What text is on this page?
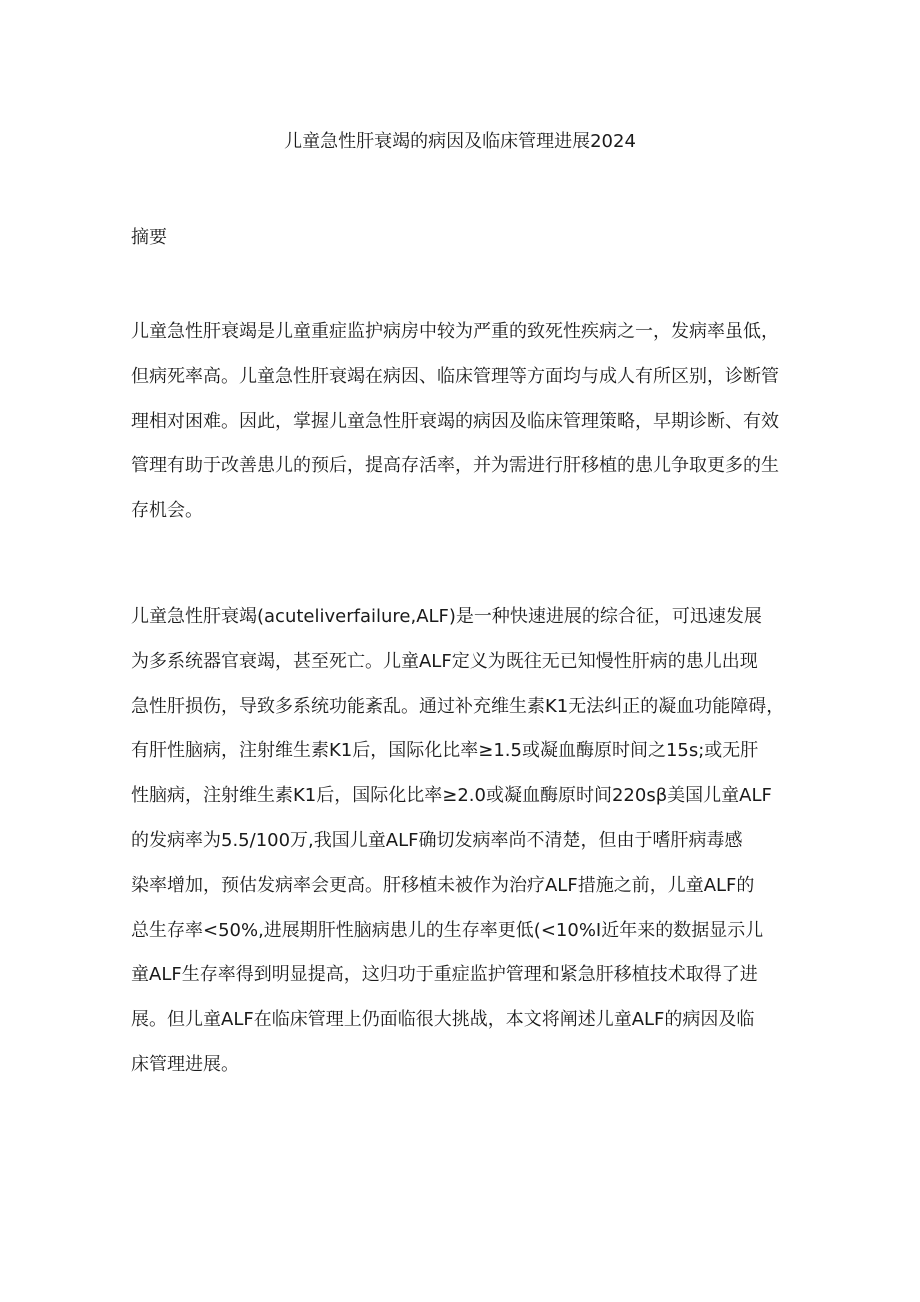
儿童急性肝衰竭的病因及临床管理进展2024
摘要
儿童急性肝衰竭是儿童重症监护病房中较为严重的致死性疾病之一，发病率虽低，
但病死率高。儿童急性肝衰竭在病因、临床管理等方面均与成人有所区别，诊断管
理相对困难。因此，掌握儿童急性肝衰竭的病因及临床管理策略，早期诊断、有效
管理有助于改善患儿的预后，提高存活率，并为需进行肝移植的患儿争取更多的生
存机会。
儿童急性肝衰竭(acuteliverfailure,ALF)是一种快速进展的综合征，可迅速发展
为多系统器官衰竭，甚至死亡。儿童ALF定义为既往无已知慢性肝病的患儿出现
急性肝损伤，导致多系统功能紊乱。通过补充维生素K1无法纠正的凝血功能障碍，
有肝性脑病，注射维生素K1后，国际化比率≥1.5或凝血酶原时间之15s;或无肝
性脑病，注射维生素K1后，国际化比率≥2.0或凝血酶原时间220sβ美国儿童ALF
的发病率为5.5/100万,我国儿童ALF确切发病率尚不清楚，但由于嗜肝病毒感
染率增加，预估发病率会更高。肝移植未被作为治疗ALF措施之前，儿童ALF的
总生存率<50%,进展期肝性脑病患儿的生存率更低(<10%I近年来的数据显示儿
童ALF生存率得到明显提高，这归功于重症监护管理和紧急肝移植技术取得了进
展。但儿童ALF在临床管理上仍面临很大挑战，本文将阐述儿童ALF的病因及临
床管理进展。
